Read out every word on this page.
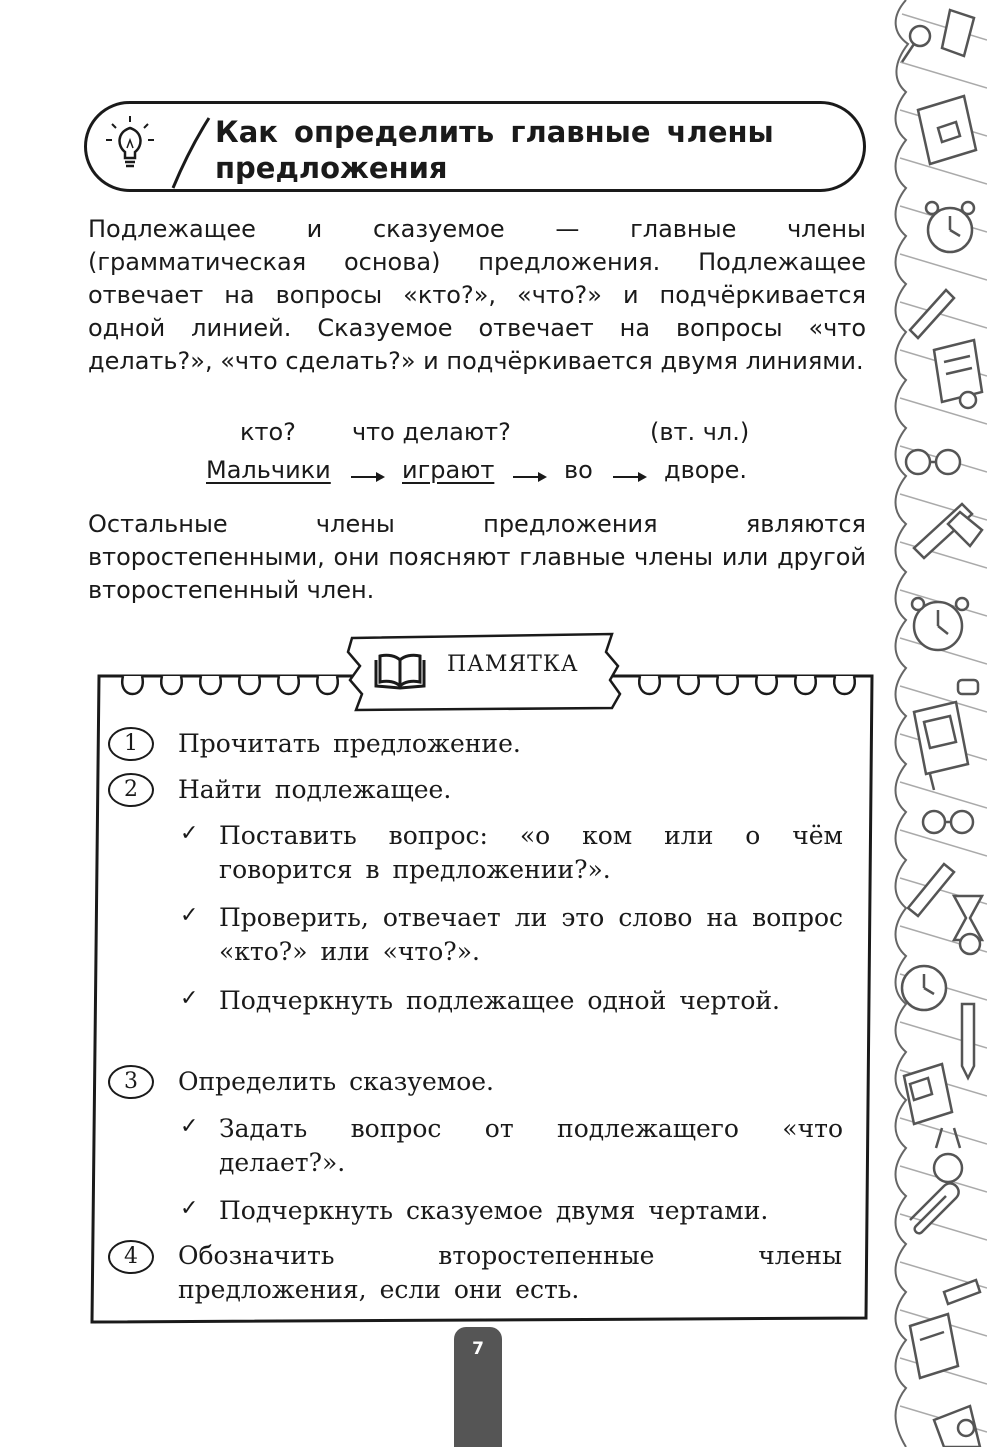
Как определить главные члены
предложения

Подлежащее и сказуемое — главные члены (грамматическая основа) предложения. Подлежащее отвечает на вопросы «кто?», «что?» и подчёркивается одной линией. Сказуемое отвечает на вопросы «что делать?», «что сделать?» и подчёркивается двумя линиями.

кто? что делают?	(вт. чл.)
Мальчики	играют	во	дворе.

Остальные члены предложения являются второстепенными, они поясняют главные члены или другой второстепенный член.

ПАМЯТКА
1	Прочитать предложение.

2	Найти подлежащее.

✓ Поставить вопрос: «о ком или о чём говорится в предложении?».

✓ Проверить, отвечает ли это слово на вопрос «кто?» или «что?».

✓ Подчеркнуть подлежащее одной чертой.

3	Определить сказуемое.

✓ Задать вопрос от подлежащего «что делает?».

✓ Подчеркнуть сказуемое двумя чертами.

4	Обозначить второстепенные члены предложения, если они есть.

7
